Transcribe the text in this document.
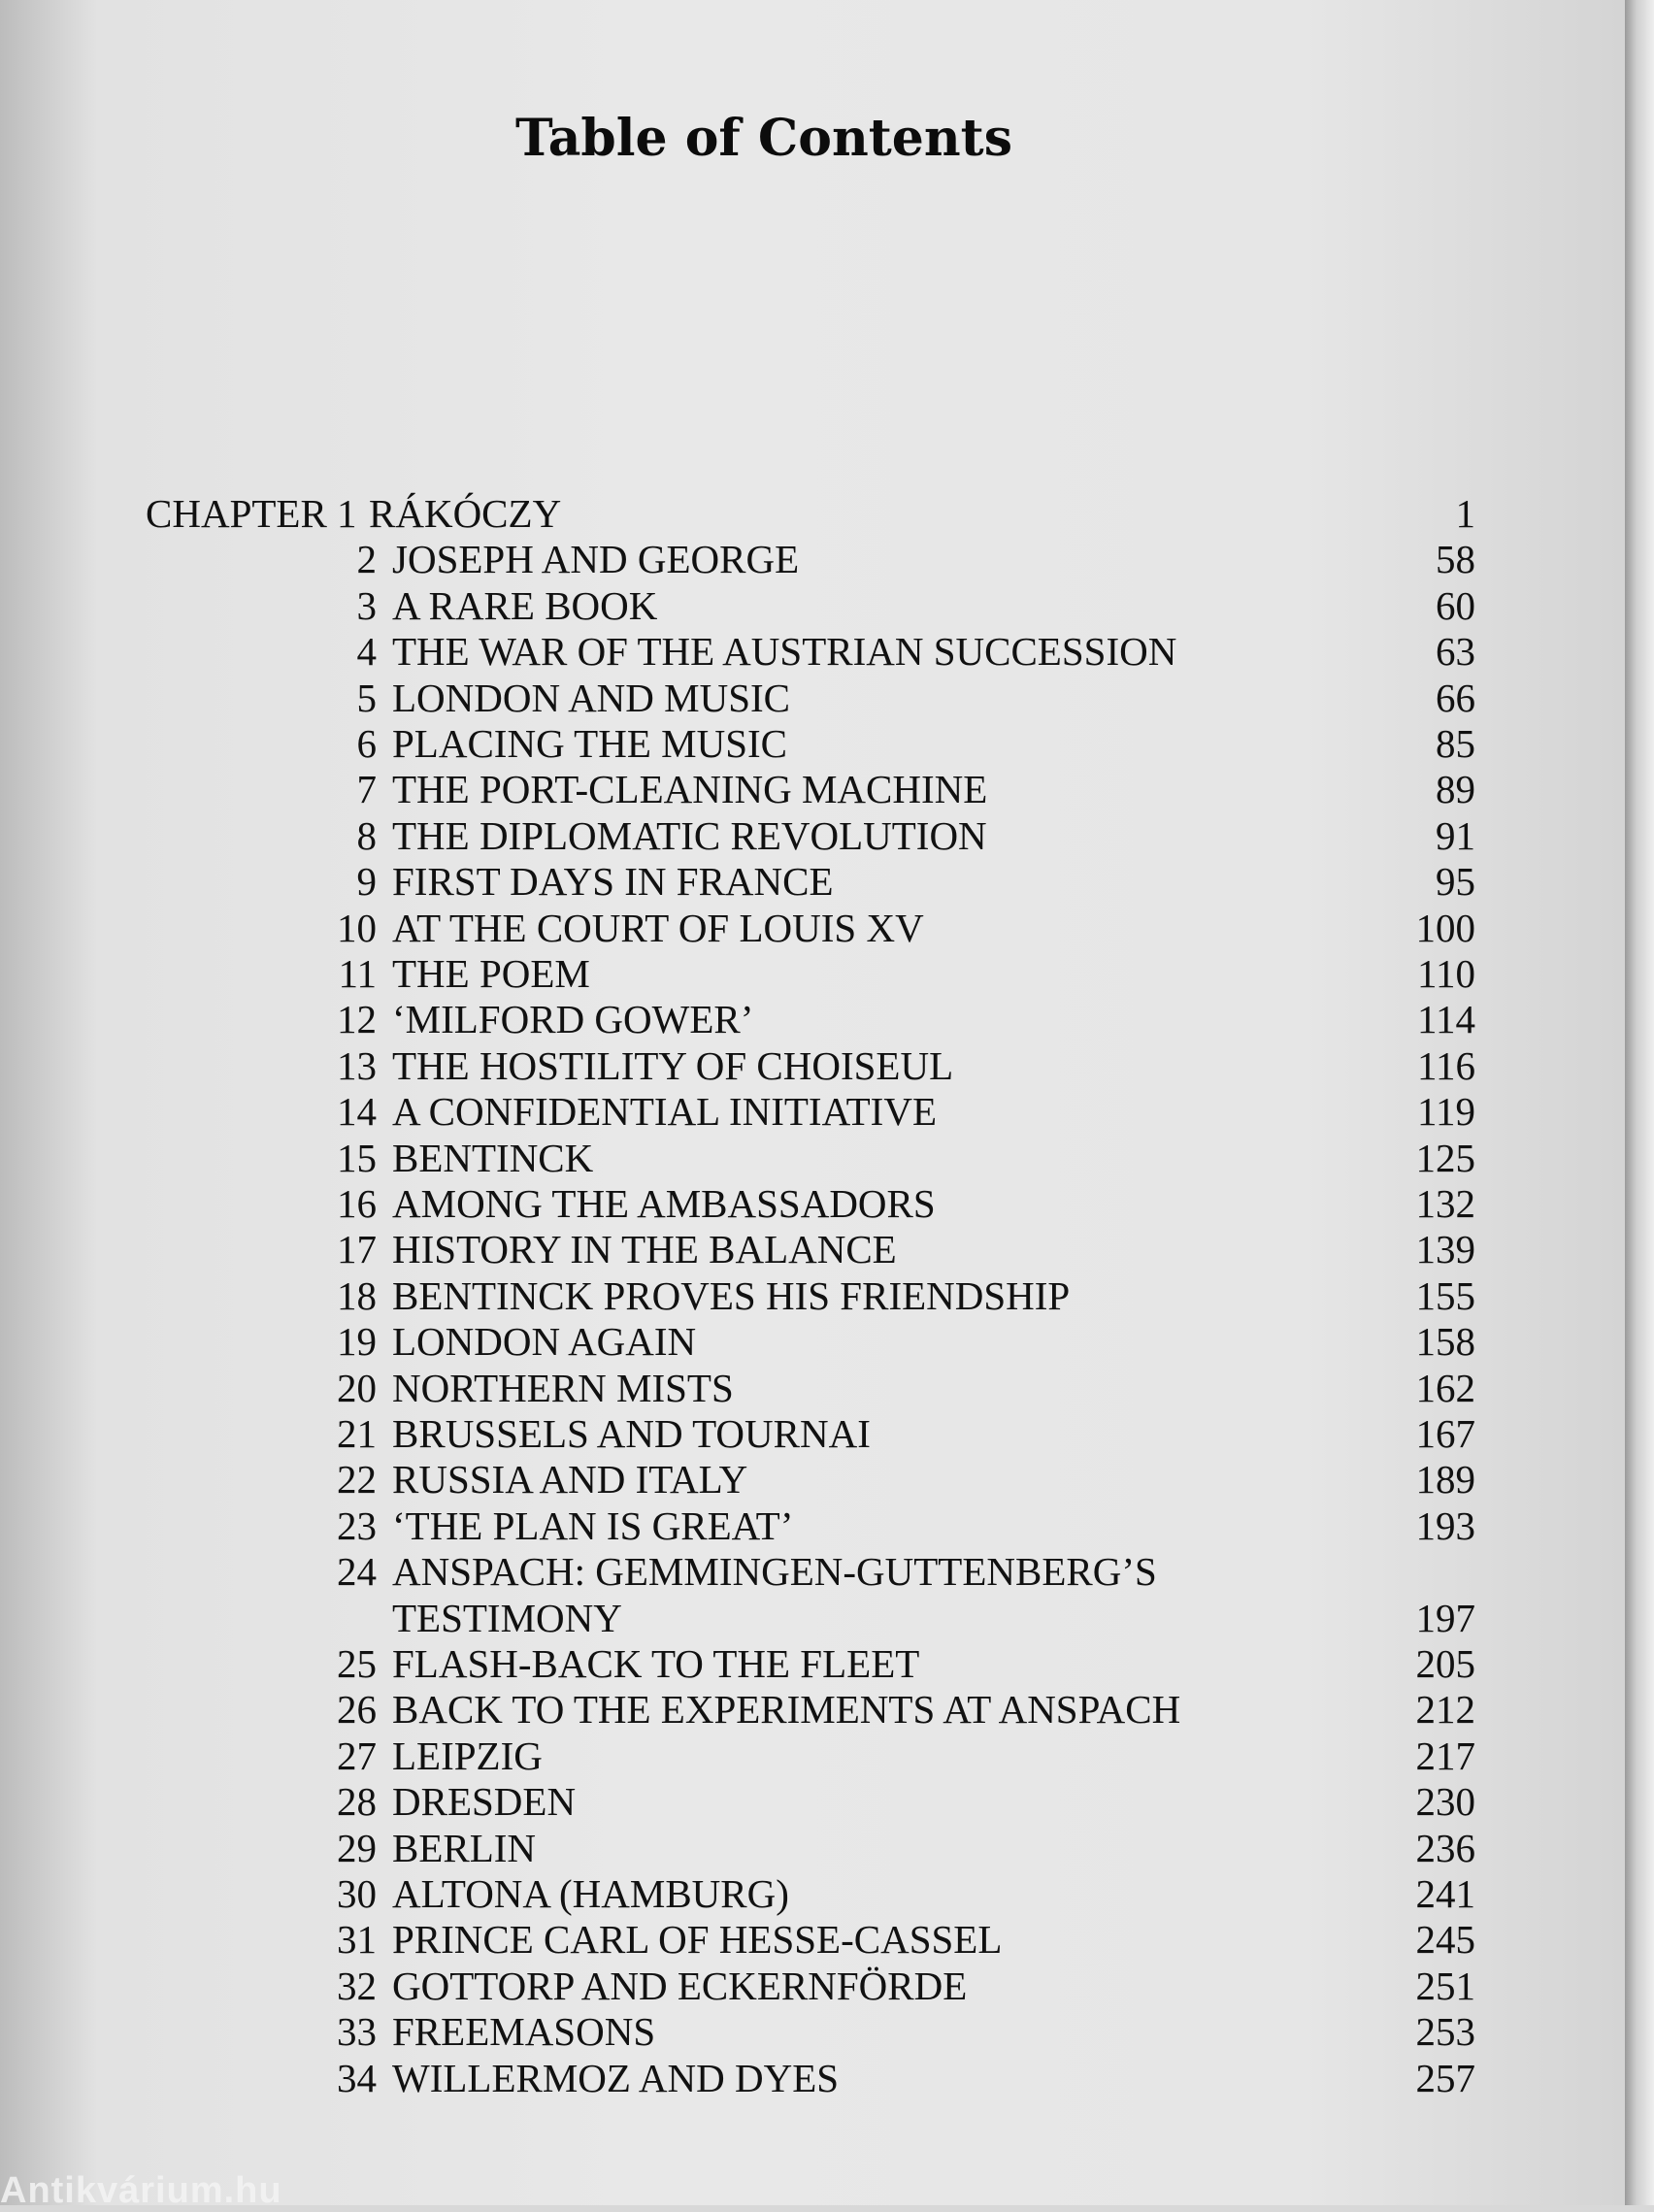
Table of Contents
CHAPTER 1 RÁKÓCZY	1
2 JOSEPH AND GEORGE	58
3 A RARE BOOK	60
4 THE WAR OF THE AUSTRIAN SUCCESSION	63
5 LONDON AND MUSIC	66
6 PLACING THE MUSIC	85
7 THE PORT-CLEANING MACHINE	89
8 THE DIPLOMATIC REVOLUTION	91
9 FIRST DAYS IN FRANCE	95
10 AT THE COURT OF LOUIS XV	100
11 THE POEM	110
12 ‘MILFORD GOWER’	114
13 THE HOSTILITY OF CHOISEUL	116
14 A CONFIDENTIAL INITIATIVE	119
15 BENTINCK	125
16 AMONG THE AMBASSADORS	132
17 HISTORY IN THE BALANCE	139
18 BENTINCK PROVES HIS FRIENDSHIP	155
19 LONDON AGAIN	158
20 NORTHERN MISTS	162
21 BRUSSELS AND TOURNAI	167
22 RUSSIA AND ITALY	189
23 ‘THE PLAN IS GREAT’	193
24 ANSPACH: GEMMINGEN-GUTTENBERG’S
TESTIMONY	197
25 FLASH-BACK TO THE FLEET	205
26 BACK TO THE EXPERIMENTS AT ANSPACH	212
27 LEIPZIG	217
28 DRESDEN	230
29 BERLIN	236
30 ALTONA (HAMBURG)	241
31 PRINCE CARL OF HESSE-CASSEL	245
32 GOTTORP AND ECKERNFÖRDE	251
33 FREEMASONS	253
34 WILLERMOZ AND DYES	257
Antikvárium.hu
